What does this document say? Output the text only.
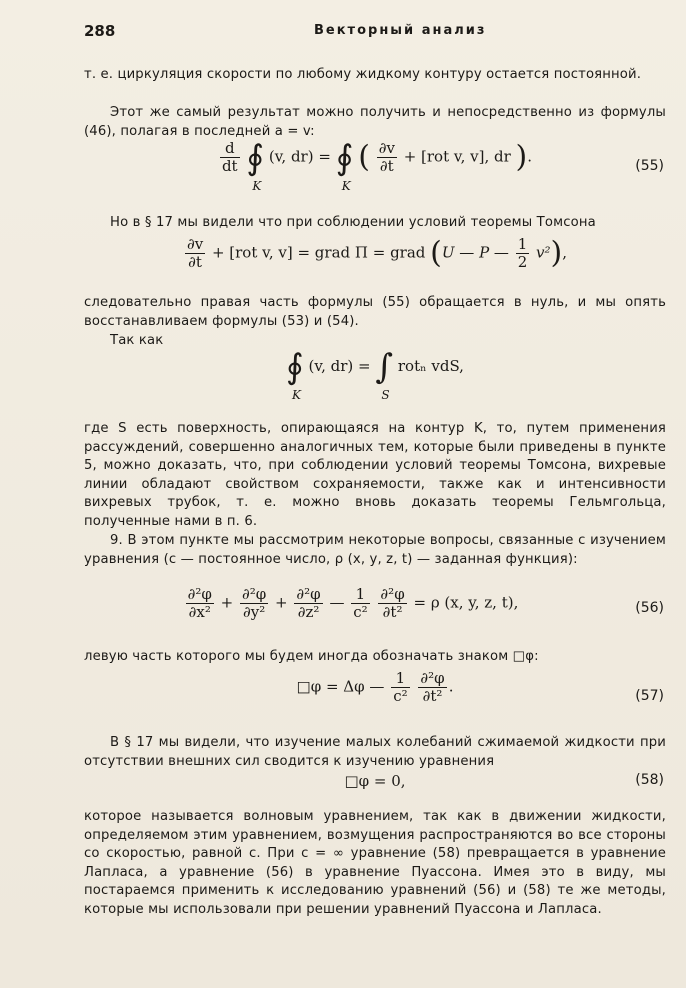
288	Векторный анализ
т. е. циркуляция скорости по любому жидкому контуру остается постоянной.
Этот же самый результат можно получить и непосредственно из формулы (46), полагая в последней a = v:
$\frac{d}{dt}$ ∮
K
(v, dr) = ∮
K
( $\frac{\partial v}{\partial t} + [rot$ v, v], dr ).
(55)
Но в § 17 мы видели что при соблюдении условий теоремы Томсона
$\frac{\partial v}{\partial t} + [rot$ v, v] = grad Π = grad (U — P — $\frac{1}{2} v^2$),
следовательно правая часть формулы (55) обращается в нуль, и мы опять восстанавливаем формулы (53) и (54).
Так как
∮
K
(v, dr) = ∫
S
rotₙ vdS,
где S есть поверхность, опирающаяся на контур K, то, путем применения рассуждений, совершенно аналогичных тем, которые были приведены в пункте 5, можно доказать, что, при соблюдении условий теоремы Томсона, вихревые линии обладают свойством сохраняемости, также как и интенсивности вихревых трубок, т. е. можно вновь доказать теоремы Гельмгольца, полученные нами в п. 6.
9. В этом пункте мы рассмотрим некоторые вопросы, связанные с изучением уравнения (c — постоянное число, ρ (x, y, z, t) — заданная функция):
$\frac{\text{∂²φ}}{\text{∂x²}} + \frac{\text{∂²φ}}{\text{∂y²}} + \frac{\text{∂²φ}}{\text{∂z²}}$ — $\frac{1}{\text{c²}}$
$\frac{\text{∂²φ}}{\text{∂t²}} = \rho$ (x, y, z, t),	(56)
левую часть которого мы будем иногда обозначать знаком □φ:
□φ = Δφ — $\frac{1}{\text{c²}}$
$\frac{\text{∂²φ}}{\text{∂t²}}$ .
(57)
В § 17 мы видели, что изучение малых колебаний сжимаемой жидкости при отсутствии внешних сил сводится к изучению уравнения
□φ = 0,	(58)
которое называется волновым уравнением, так как в движении жидкости, определяемом этим уравнением, возмущения распространяются во все стороны со скоростью, равной c. При c = ∞ уравнение (58) превращается в уравнение Лапласа, а уравнение (56) в уравнение Пуассона. Имея это в виду, мы постараемся применить к исследованию уравнений (56) и (58) те же методы, которые мы использовали при решении уравнений Пуассона и Лапласа.
